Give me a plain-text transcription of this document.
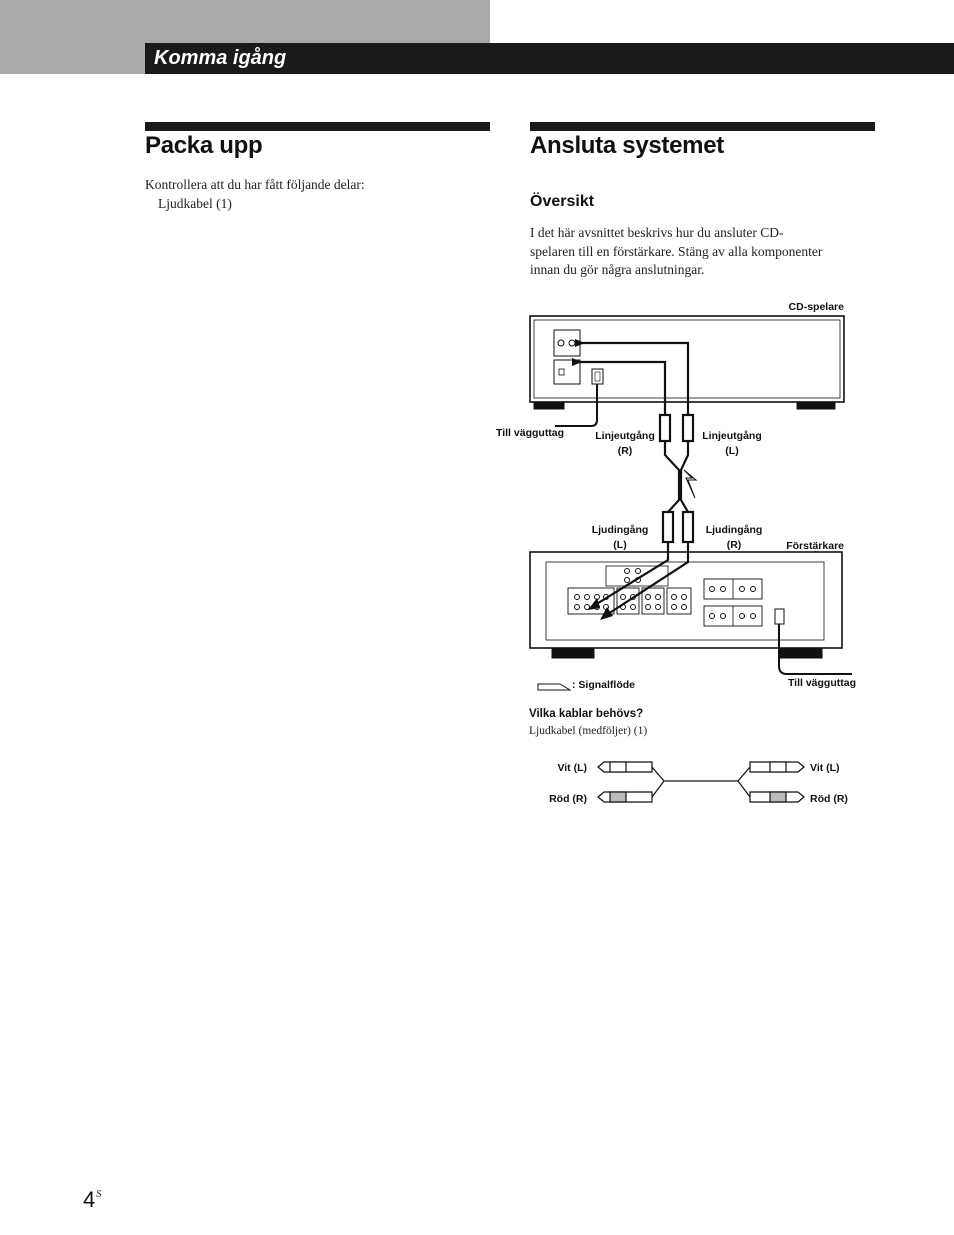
Komma igång
Packa upp
Kontrollera att du har fått följande delar:
Ljudkabel (1)
Ansluta systemet
Översikt
I det här avsnittet beskrivs hur du ansluter CD-
spelaren till en förstärkare. Stäng av alla komponenter
innan du gör några anslutningar.
CD-spelare
Till vägguttag	Linjeutgång
(R)
Linjeutgång
(L)
Ljudingång
(L)
Ljudingång
(R)	Förstärkare
: Signalflöde	Till vägguttag
Vilka kablar behövs?
Ljudkabel (medföljer) (1)
Vit (L)
Röd (R)
Vit (L)
Röd (R)
$4^S$
